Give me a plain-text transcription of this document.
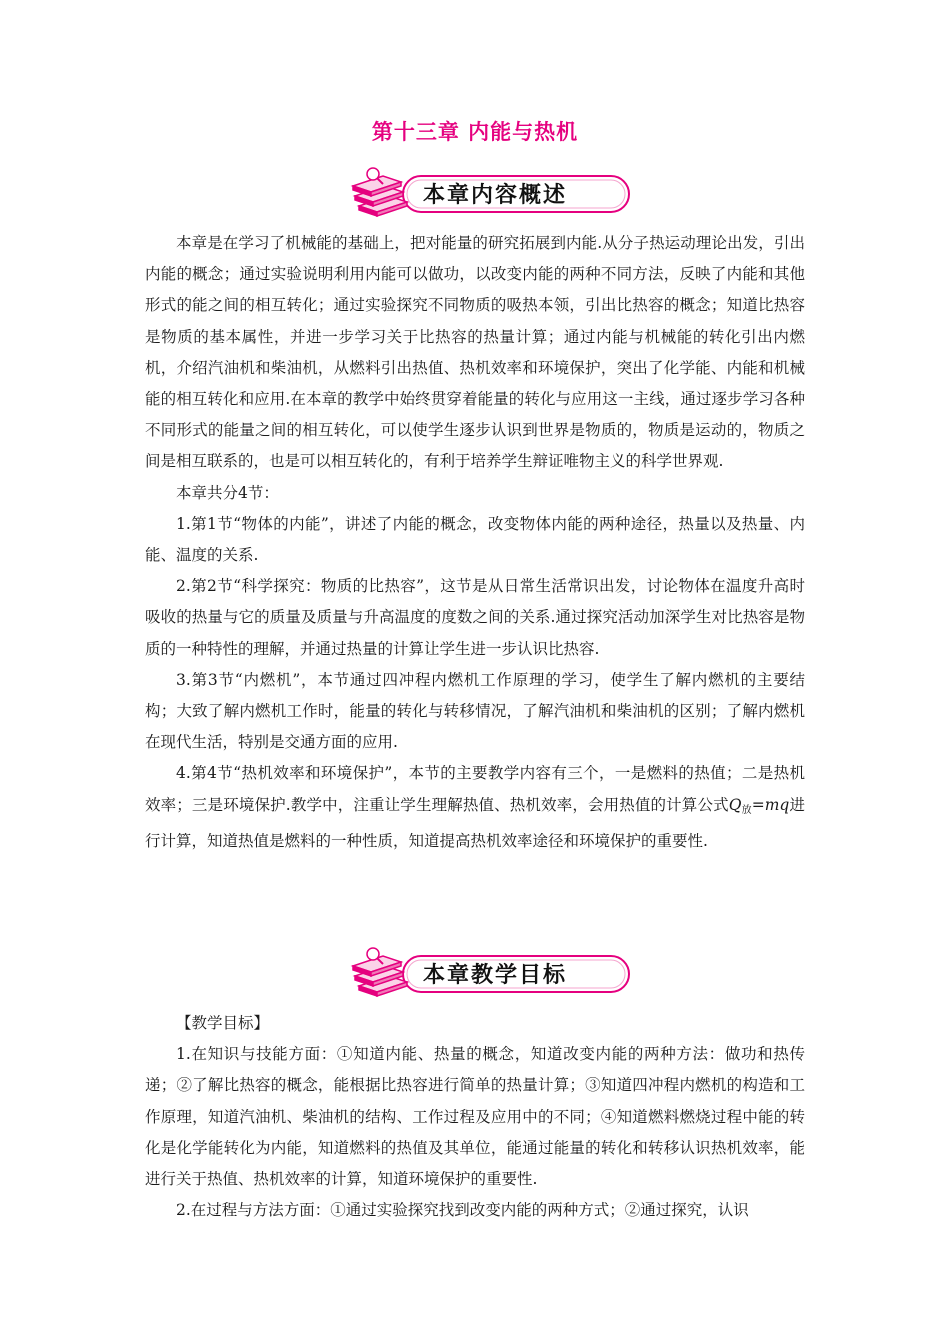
第十三章 内能与热机
本章内容概述

本章是在学习了机械能的基础上，把对能量的研究拓展到内能.从分子热运动理论出发，引出内能的概念；通过实验说明利用内能可以做功，以改变内能的两种不同方法，反映了内能和其他形式的能之间的相互转化；通过实验探究不同物质的吸热本领，引出比热容的概念；知道比热容是物质的基本属性，并进一步学习关于比热容的热量计算；通过内能与机械能的转化引出内燃机，介绍汽油机和柴油机，从燃料引出热值、热机效率和环境保护，突出了化学能、内能和机械能的相互转化和应用.在本章的教学中始终贯穿着能量的转化与应用这一主线，通过逐步学习各种不同形式的能量之间的相互转化，可以使学生逐步认识到世界是物质的，物质是运动的，物质之间是相互联系的，也是可以相互转化的，有利于培养学生辩证唯物主义的科学世界观.

本章共分4节：

1.第1节“物体的内能”，讲述了内能的概念，改变物体内能的两种途径，热量以及热量、内能、温度的关系.

2.第2节“科学探究：物质的比热容”，这节是从日常生活常识出发，讨论物体在温度升高时吸收的热量与它的质量及质量与升高温度的度数之间的关系.通过探究活动加深学生对比热容是物质的一种特性的理解，并通过热量的计算让学生进一步认识比热容.

3.第3节“内燃机”，本节通过四冲程内燃机工作原理的学习，使学生了解内燃机的主要结构；大致了解内燃机工作时，能量的转化与转移情况，了解汽油机和柴油机的区别；了解内燃机在现代生活，特别是交通方面的应用.

4.第4节“热机效率和环境保护”，本节的主要教学内容有三个，一是燃料的热值；二是热机效率；三是环境保护.教学中，注重让学生理解热值、热机效率，会用热值的计算公式Q放=mq进行计算，知道热值是燃料的一种性质，知道提高热机效率途径和环境保护的重要性.

本章教学目标

【教学目标】

1.在知识与技能方面：①知道内能、热量的概念，知道改变内能的两种方法：做功和热传递；②了解比热容的概念，能根据比热容进行简单的热量计算；③知道四冲程内燃机的构造和工作原理，知道汽油机、柴油机的结构、工作过程及应用中的不同；④知道燃料燃烧过程中能的转化是化学能转化为内能，知道燃料的热值及其单位，能通过能量的转化和转移认识热机效率，能进行关于热值、热机效率的计算，知道环境保护的重要性.

2.在过程与方法方面：①通过实验探究找到改变内能的两种方式；②通过探究，认识
